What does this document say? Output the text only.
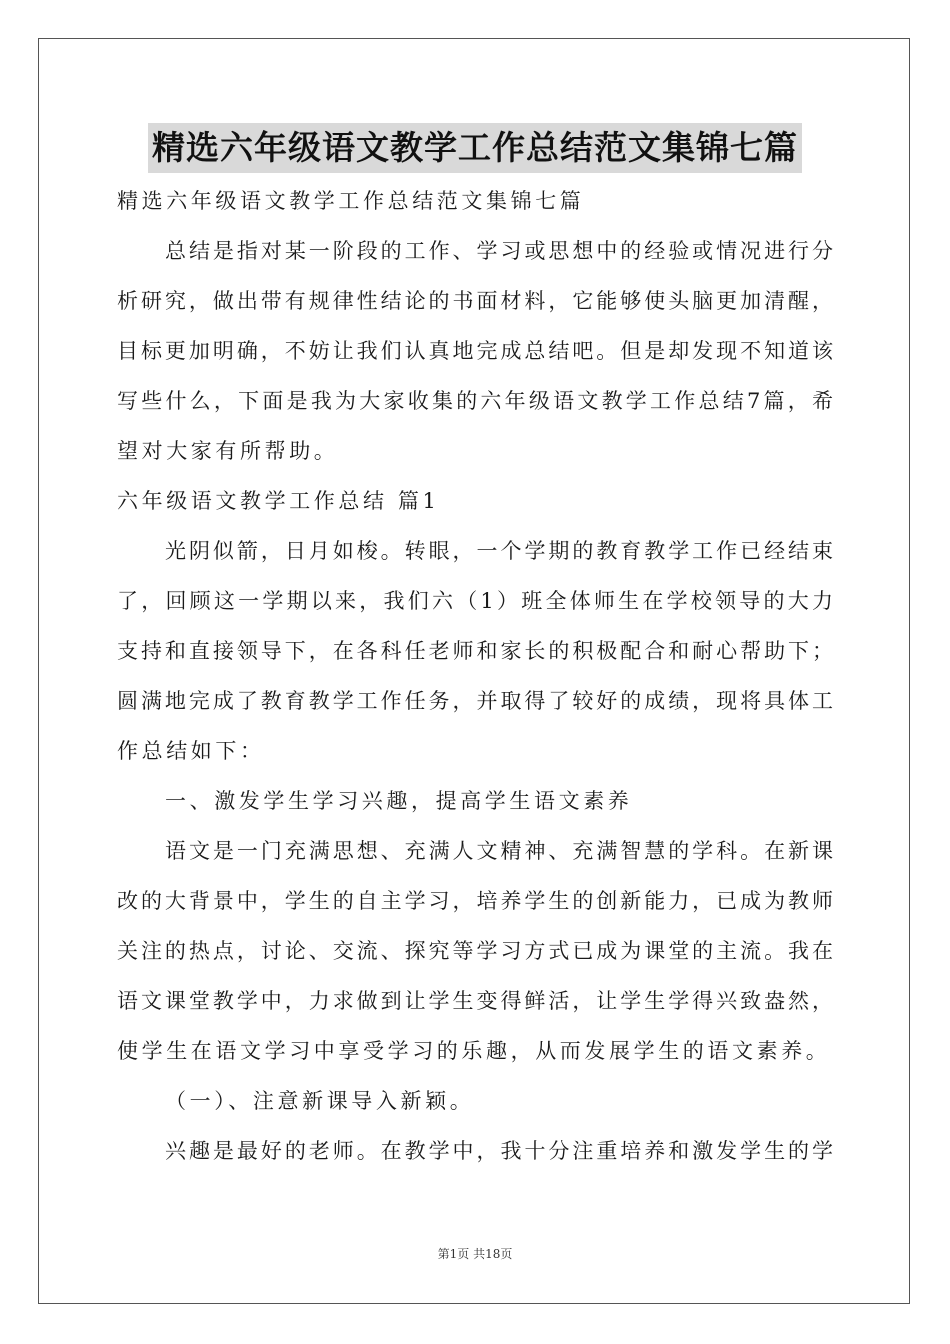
精选六年级语文教学工作总结范文集锦七篇
精选六年级语文教学工作总结范文集锦七篇
总结是指对某一阶段的工作、学习或思想中的经验或情况进行分
析研究，做出带有规律性结论的书面材料，它能够使头脑更加清醒，
目标更加明确，不妨让我们认真地完成总结吧。但是却发现不知道该
写些什么，下面是我为大家收集的六年级语文教学工作总结7篇，希
望对大家有所帮助。
六年级语文教学工作总结 篇1
光阴似箭，日月如梭。转眼，一个学期的教育教学工作已经结束
了，回顾这一学期以来，我们六（1）班全体师生在学校领导的大力
支持和直接领导下，在各科任老师和家长的积极配合和耐心帮助下；
圆满地完成了教育教学工作任务，并取得了较好的成绩，现将具体工
作总结如下：
一、激发学生学习兴趣，提高学生语文素养
语文是一门充满思想、充满人文精神、充满智慧的学科。在新课
改的大背景中，学生的自主学习，培养学生的创新能力，已成为教师
关注的热点，讨论、交流、探究等学习方式已成为课堂的主流。我在
语文课堂教学中，力求做到让学生变得鲜活，让学生学得兴致盎然，
使学生在语文学习中享受学习的乐趣，从而发展学生的语文素养。
（一）、注意新课导入新颖。
兴趣是最好的老师。在教学中，我十分注重培养和激发学生的学
第1页 共18页
